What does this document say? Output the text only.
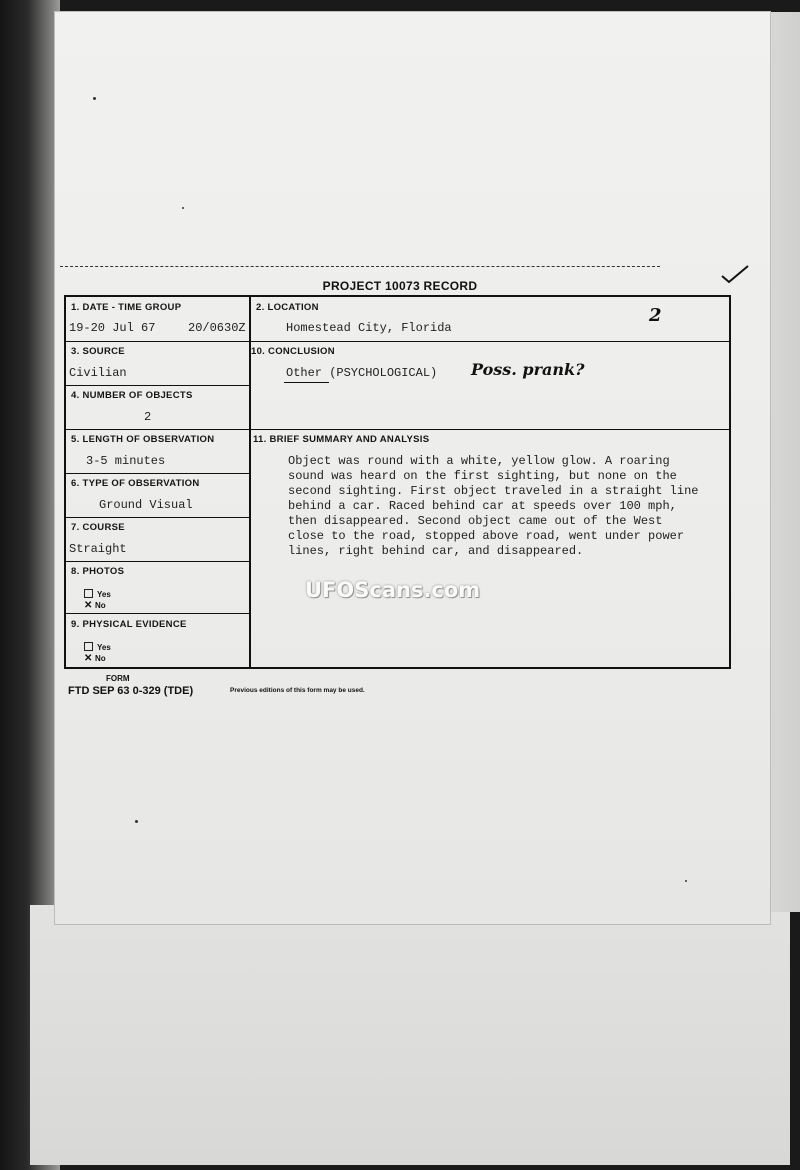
PROJECT 10073 RECORD
1. DATE - TIME GROUP
19-20 Jul 67	20/0630Z
2. LOCATION
Homestead City, Florida
2
3. SOURCE
Civilian
10. CONCLUSION
Other (PSYCHOLOGICAL) Poss. prank?
4. NUMBER OF OBJECTS
2
5. LENGTH OF OBSERVATION
3-5 minutes
11. BRIEF SUMMARY AND ANALYSIS
Object was round with a white, yellow glow. A roaring
sound was heard on the first sighting, but none on the
second sighting. First object traveled in a straight line
behind a car. Raced behind car at speeds over 100 mph,
then disappeared. Second object came out of the West
close to the road, stopped above road, went under power
lines, right behind car, and disappeared.
6. TYPE OF OBSERVATION
Ground Visual
7. COURSE
Straight
8. PHOTOS
Yes
✕ No
9. PHYSICAL EVIDENCE
Yes
✕ No
FORM
FTD SEP 63 0-329 (TDE)	Previous editions of this form may be used.
UFOScans.com
